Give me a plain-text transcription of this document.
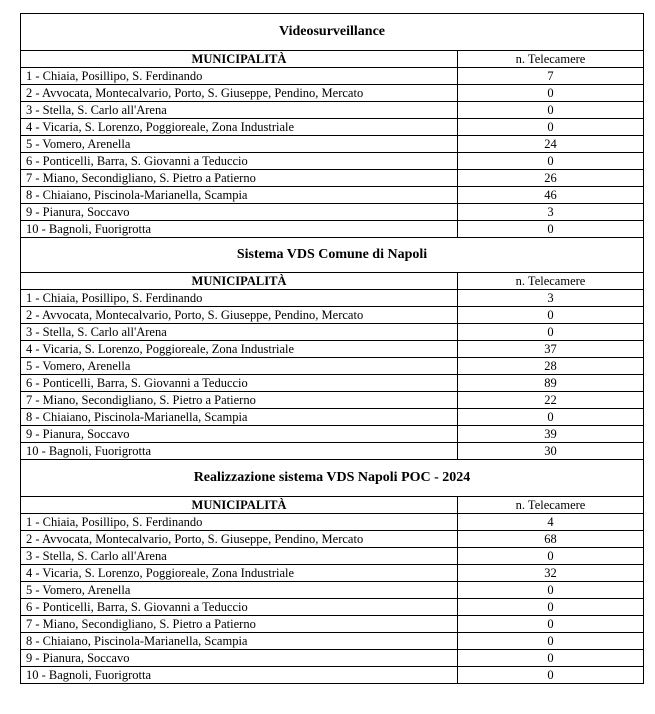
Videosurveillance	
MUNICIPALITÀ	n. Telecamere
1 - Chiaia, Posillipo, S. Ferdinando	7
2 - Avvocata, Montecalvario, Porto, S. Giuseppe, Pendino, Mercato	0
3 - Stella, S. Carlo all'Arena	0
4 - Vicaria, S. Lorenzo, Poggioreale, Zona Industriale	0
5 - Vomero, Arenella	24
6 - Ponticelli, Barra, S. Giovanni a Teduccio	0
7 - Miano, Secondigliano, S. Pietro a Patierno	26
8 - Chiaiano, Piscinola-Marianella, Scampia	46
9 - Pianura, Soccavo	3
10 - Bagnoli, Fuorigrotta	0
Sistema VDS Comune di Napoli	
MUNICIPALITÀ	n. Telecamere
1 - Chiaia, Posillipo, S. Ferdinando	3
2 - Avvocata, Montecalvario, Porto, S. Giuseppe, Pendino, Mercato	0
3 - Stella, S. Carlo all'Arena	0
4 - Vicaria, S. Lorenzo, Poggioreale, Zona Industriale	37
5 - Vomero, Arenella	28
6 - Ponticelli, Barra, S. Giovanni a Teduccio	89
7 - Miano, Secondigliano, S. Pietro a Patierno	22
8 - Chiaiano, Piscinola-Marianella, Scampia	0
9 - Pianura, Soccavo	39
10 - Bagnoli, Fuorigrotta	30
Realizzazione sistema VDS Napoli POC - 2024	
MUNICIPALITÀ	n. Telecamere
1 - Chiaia, Posillipo, S. Ferdinando	4
2 - Avvocata, Montecalvario, Porto, S. Giuseppe, Pendino, Mercato	68
3 - Stella, S. Carlo all'Arena	0
4 - Vicaria, S. Lorenzo, Poggioreale, Zona Industriale	32
5 - Vomero, Arenella	0
6 - Ponticelli, Barra, S. Giovanni a Teduccio	0
7 - Miano, Secondigliano, S. Pietro a Patierno	0
8 - Chiaiano, Piscinola-Marianella, Scampia	0
9 - Pianura, Soccavo	0
10 - Bagnoli, Fuorigrotta	0
